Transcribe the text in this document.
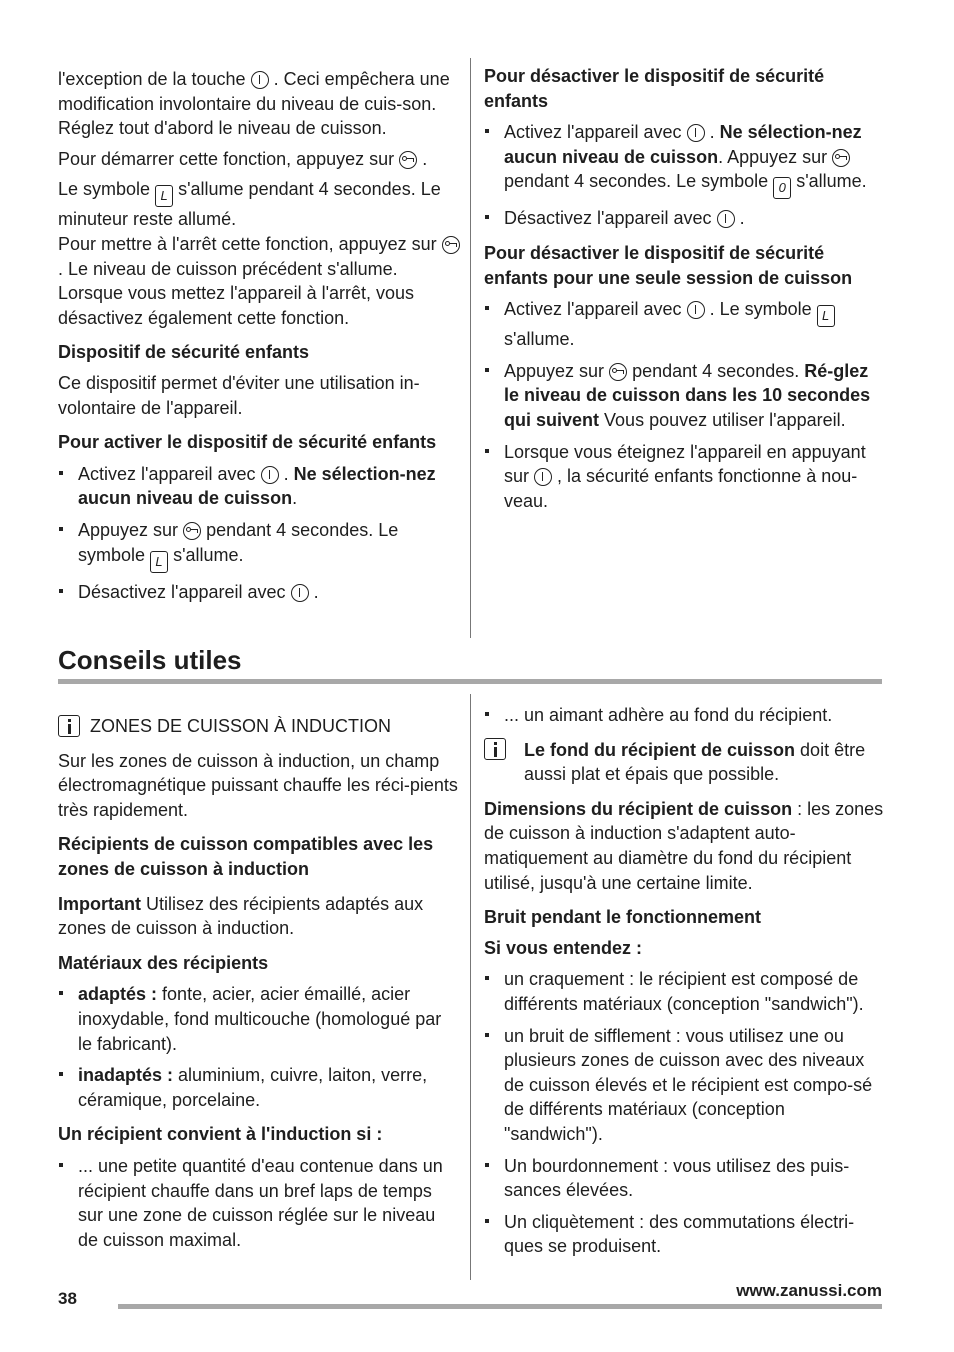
l'exception de la touche . Ceci empêchera une modification involontaire du niveau de cuis-son.

Réglez tout d'abord le niveau de cuisson.

Pour démarrer cette fonction, appuyez sur .

Le symbole L s'allume pendant 4 secondes. Le minuteur reste allumé.

Pour mettre à l'arrêt cette fonction, appuyez sur  . Le niveau de cuisson précédent s'allume. Lorsque vous mettez l'appareil à l'arrêt, vous désactivez également cette fonction.

Dispositif de sécurité enfants

Ce dispositif permet d'éviter une utilisation in-volontaire de l'appareil.

Pour activer le dispositif de sécurité enfants

Activez l'appareil avec . Ne sélection-nez aucun niveau de cuisson.
Appuyez sur pendant 4 secondes. Le symbole L s'allume.
Désactivez l'appareil avec .

Pour désactiver le dispositif de sécurité enfants

Activez l'appareil avec . Ne sélection-nez aucun niveau de cuisson. Appuyez sur  pendant 4 secondes. Le symbole 0 s'allume.
Désactivez l'appareil avec .

Pour désactiver le dispositif de sécurité enfants pour une seule session de cuisson

Activez l'appareil avec . Le symbole L s'allume.
Appuyez sur pendant 4 secondes. Ré-glez le niveau de cuisson dans les 10 secondes qui suivent Vous pouvez utiliser l'appareil.
Lorsque vous éteignez l'appareil en appuyant sur , la sécurité enfants fonctionne à nou-veau.
Conseils utiles

ZONES DE CUISSON À INDUCTION

Sur les zones de cuisson à induction, un champ électromagnétique puissant chauffe les réci-pients très rapidement.

Récipients de cuisson compatibles avec les zones de cuisson à induction

Important Utilisez des récipients adaptés aux zones de cuisson à induction.

Matériaux des récipients

adaptés : fonte, acier, acier émaillé, acier inoxydable, fond multicouche (homologué par le fabricant).
inadaptés : aluminium, cuivre, laiton, verre, céramique, porcelaine.

Un récipient convient à l'induction si :

... une petite quantité d'eau contenue dans un récipient chauffe dans un bref laps de temps sur une zone de cuisson réglée sur le niveau de cuisson maximal.
... un aimant adhère au fond du récipient.

Le fond du récipient de cuisson doit être aussi plat et épais que possible.

Dimensions du récipient de cuisson : les zones de cuisson à induction s'adaptent auto-matiquement au diamètre du fond du récipient utilisé, jusqu'à une certaine limite.

Bruit pendant le fonctionnement

Si vous entendez :

un craquement : le récipient est composé de différents matériaux (conception "sandwich").
un bruit de sifflement : vous utilisez une ou plusieurs zones de cuisson avec des niveaux de cuisson élevés et le récipient est compo-sé de différents matériaux (conception "sandwich").
Un bourdonnement : vous utilisez des puis-sances élevées.
Un cliquètement : des commutations électri-ques se produisent.
38	www.zanussi.com
